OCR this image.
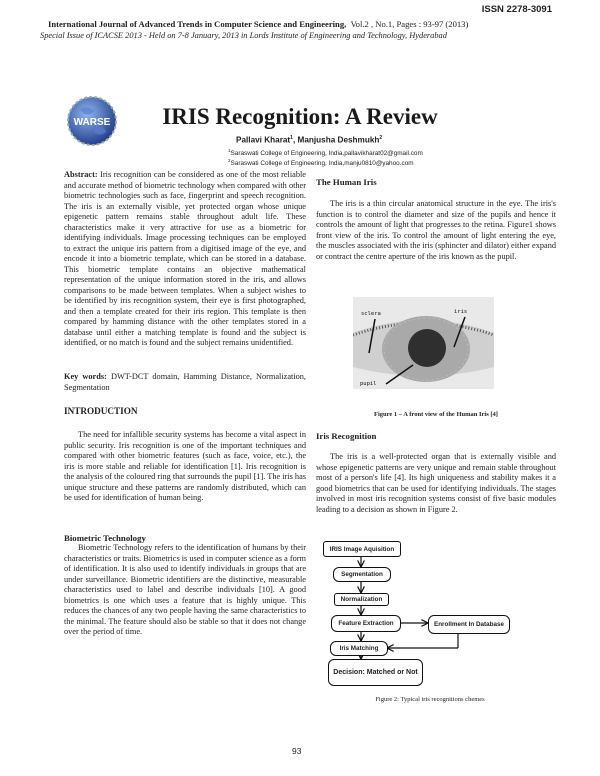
ISSN 2278-3091
International Journal of Advanced Trends in Computer Science and Engineering, Vol.2 , No.1, Pages : 93-97 (2013)
Special Issue of ICACSE 2013 - Held on 7-8 January, 2013 in Lords Institute of Engineering and Technology, Hyderabad
WARSE	IRIS Recognition: A Review
Pallavi Kharat$^1$, Manjusha Deshmukh$^2$
$^1$Saraswati College of Engineering, India,pallavikharat02@gmail.com
$^2$Saraswati College of Engineering, India,manju0810@yahoo.com
Abstract: Iris recognition can be considered as one of the most reliable and accurate method of biometric technology when compared with other biometric technologies such as face, fingerprint and speech recognition. The iris is an externally visible, yet protected organ whose unique epigenetic pattern remains stable throughout adult life. These characteristics make it very attractive for use as a biometric for identifying individuals. Image processing techniques can be employed to extract the unique iris pattern from a digitised image of the eye, and encode it into a biometric template, which can be stored in a database. This biometric template contains an objective mathematical representation of the unique information stored in the iris, and allows comparisons to be made between templates. When a subject wishes to be identified by iris recognition system, their eye is first photographed, and then a template created for their iris region. This template is then compared by hamming distance with the other templates stored in a database until either a matching template is found and the subject is identified, or no match is found and the subject remains unidentified.
Key words: DWT-DCT domain, Hamming Distance, Normalization, Segmentation
INTRODUCTION
The need for infallible security systems has become a vital aspect in public security. Iris recognition is one of the important techniques and compared with other biometric features (such as face, voice, etc.), the iris is more stable and reliable for identification [1]. Iris recognition is the analysis of the coloured ring that surrounds the pupil [1]. The iris has unique structure and these patterns are randomly distributed, which can be used for identification of human being.
Biometric Technology
Biometric Technology refers to the identification of humans by their characteristics or traits. Biometrics is used in computer science as a form of identification. It is also used to identify individuals in groups that are under surveillance. Biometric identifiers are the distinctive, measurable characteristics used to label and describe individuals [10]. A good biometrics is one which uses a feature that is highly unique. This reduces the chances of any two people having the same characteristics to the minimal. The feature should also be stable so that it does not change over the period of time.
The Human Iris
The iris is a thin circular anatomical structure in the eye. The iris's function is to control the diameter and size of the pupils and hence it controls the amount of light that progresses to the retina. Figure1 shows front view of the iris. To control the amount of light entering the eye, the muscles associated with the iris (sphincter and dilator) either expand or contract the centre aperture of the iris known as the pupil.
sclera	iris
pupil
Figure 1 – A front view of the Human Iris [4]
Iris Recognition
The iris is a well-protected organ that is externally visible and whose epigenetic patterns are very unique and remain stable throughout most of a person's life [4]. Its high uniqueness and stability makes it a good biometrics that can be used for identifying individuals. The stages involved in most iris recognition systems consist of five basic modules leading to a decision as shown in Figure 2.
IRIS Image Aquisition
Segmentation
Normalization
Feature Extraction	Enrollment In Database
Iris Matching
Decision: Matched or Not
Figure 2: Typical iris recognitions chemes
93
